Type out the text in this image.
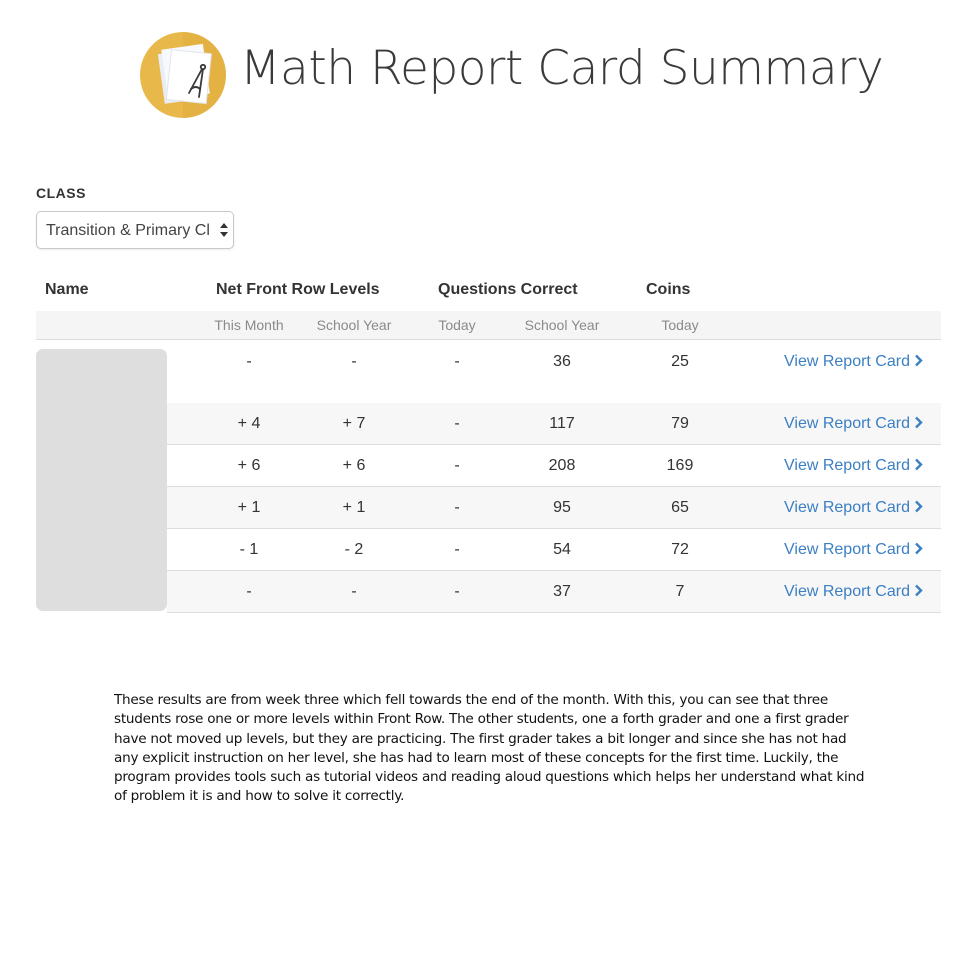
Math Report Card Summary
CLASS
Transition & Primary Cl
Name	Net Front Row Levels	Questions Correct	Coins
This Month	School Year	Today	School Year	Today
-	-	-	36	25	View Report Card
+ 4	+ 7	-	117	79	View Report Card
+ 6	+ 6	-	208	169	View Report Card
+ 1	+ 1	-	95	65	View Report Card
- 1	- 2	-	54	72	View Report Card
-	-	-	37	7	View Report Card

These results are from week three which fell towards the end of the month. With this, you can see that three students rose one or more levels within Front Row. The other students, one a forth grader and one a first grader have not moved up levels, but they are practicing. The first grader takes a bit longer and since she has not had any explicit instruction on her level, she has had to learn most of these concepts for the first time. Luckily, the program provides tools such as tutorial videos and reading aloud questions which helps her understand what kind of problem it is and how to solve it correctly.
